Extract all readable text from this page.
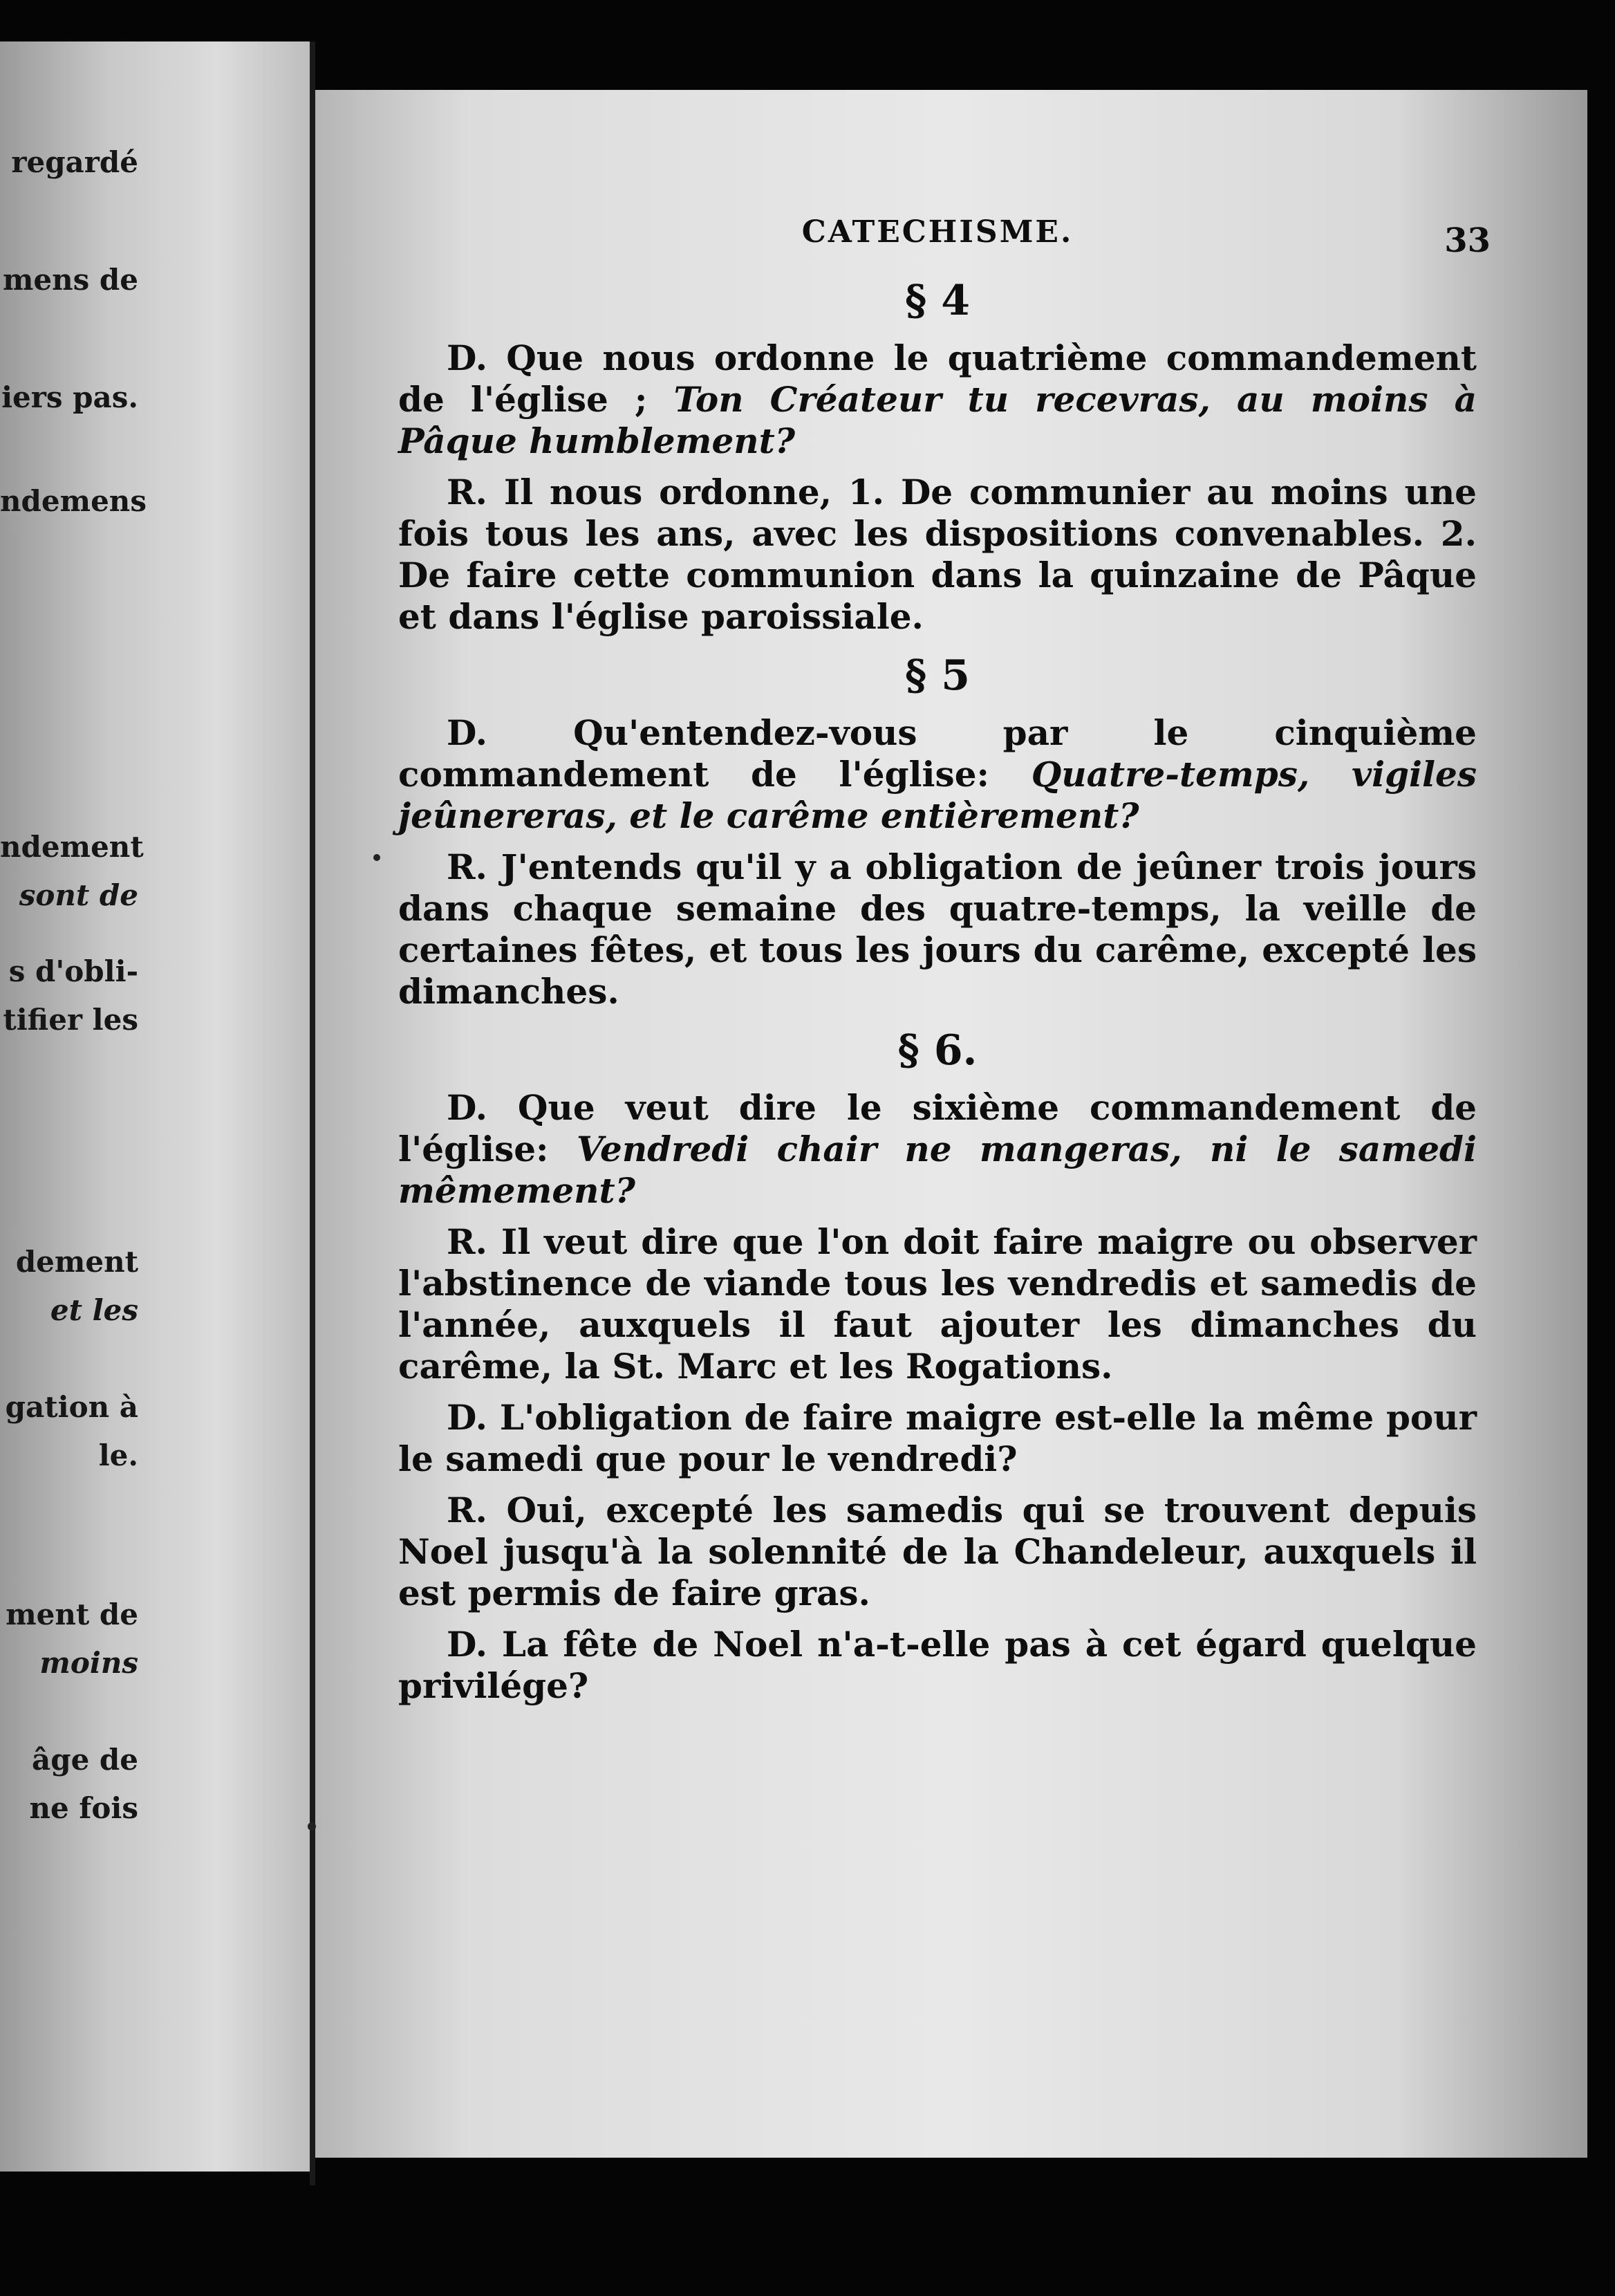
regardé
mens de
iers pas.
ndemens
ndement
sont de
s d'obli-
tifier les
dement
et les
gation à
le.
ment de
moins
âge de
ne fois
CATECHISME.	33
§ 4

D. Que nous ordonne le quatrième commandement de l'église ; Ton Créateur tu recevras, au moins à Pâque humblement?

R. Il nous ordonne, 1. De communier au moins une fois tous les ans, avec les dispositions convenables. 2. De faire cette communion dans la quinzaine de Pâque et dans l'église paroissiale.

§ 5

D. Qu'entendez-vous par le cinquième commandement de l'église: Quatre-temps, vigiles jeûnereras, et le carême entièrement?

R. J'entends qu'il y a obligation de jeûner trois jours dans chaque semaine des quatre-temps, la veille de certaines fêtes, et tous les jours du carême, excepté les dimanches.

§ 6.

D. Que veut dire le sixième commandement de l'église: Vendredi chair ne mangeras, ni le samedi mêmement?

R. Il veut dire que l'on doit faire maigre ou observer l'abstinence de viande tous les vendredis et samedis de l'année, auxquels il faut ajouter les dimanches du carême, la St. Marc et les Rogations.

D. L'obligation de faire maigre est-elle la même pour le samedi que pour le vendredi?

R. Oui, excepté les samedis qui se trouvent depuis Noel jusqu'à la solennité de la Chandeleur, auxquels il est permis de faire gras.

D. La fête de Noel n'a-t-elle pas à cet égard quelque privilége?
